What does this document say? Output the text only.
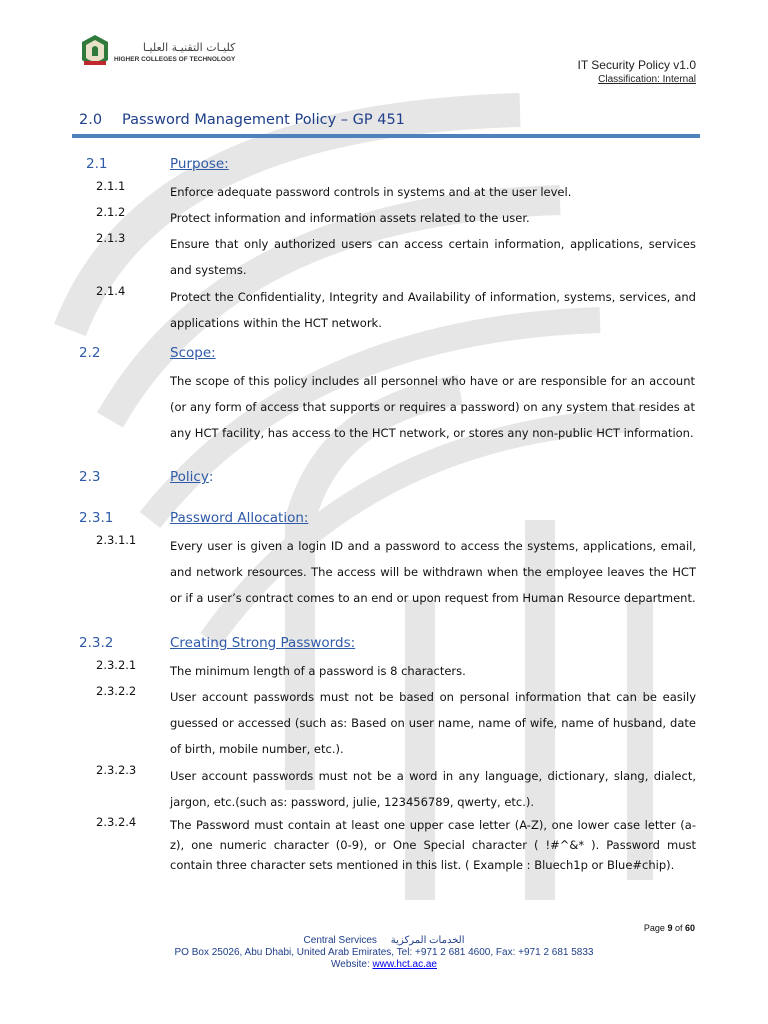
كليـات التقنيـة العليـا
HIGHER COLLEGES OF TECHNOLOGY	IT Security Policy v1.0
Classification: Internal
2.0 Password Management Policy – GP 451
2.1	Purpose:
2.1.1	Enforce adequate password controls in systems and at the user level.
2.1.2	Protect information and information assets related to the user.
2.1.3	Ensure that only authorized users can access certain information, applications, services and systems.
2.1.4	Protect the Confidentiality, Integrity and Availability of information, systems, services, and applications within the HCT network.
2.2	Scope:
The scope of this policy includes all personnel who have or are responsible for an account (or any form of access that supports or requires a password) on any system that resides at any HCT facility, has access to the HCT network, or stores any non-public HCT information.
2.3	Policy:
2.3.1	Password Allocation:
2.3.1.1	Every user is given a login ID and a password to access the systems, applications, email, and network resources. The access will be withdrawn when the employee leaves the HCT or if a user’s contract comes to an end or upon request from Human Resource department.
2.3.2	Creating Strong Passwords:
2.3.2.1	The minimum length of a password is 8 characters.
2.3.2.2	User account passwords must not be based on personal information that can be easily guessed or accessed (such as: Based on user name, name of wife, name of husband, date of birth, mobile number, etc.).
2.3.2.3	User account passwords must not be a word in any language, dictionary, slang, dialect, jargon, etc.(such as: password, julie, 123456789, qwerty, etc.).
2.3.2.4	The Password must contain at least one upper case letter (A-Z), one lower case letter (a-z), one numeric character (0-9), or One Special character ( !#^&* ). Password must contain three character sets mentioned in this list. ( Example : Bluech1p or Blue#chip).
Page 9 of 60
Central Services الخدمات المركزية
PO Box 25026, Abu Dhabi, United Arab Emirates, Tel: +971 2 681 4600, Fax: +971 2 681 5833
Website: www.hct.ac.ae
